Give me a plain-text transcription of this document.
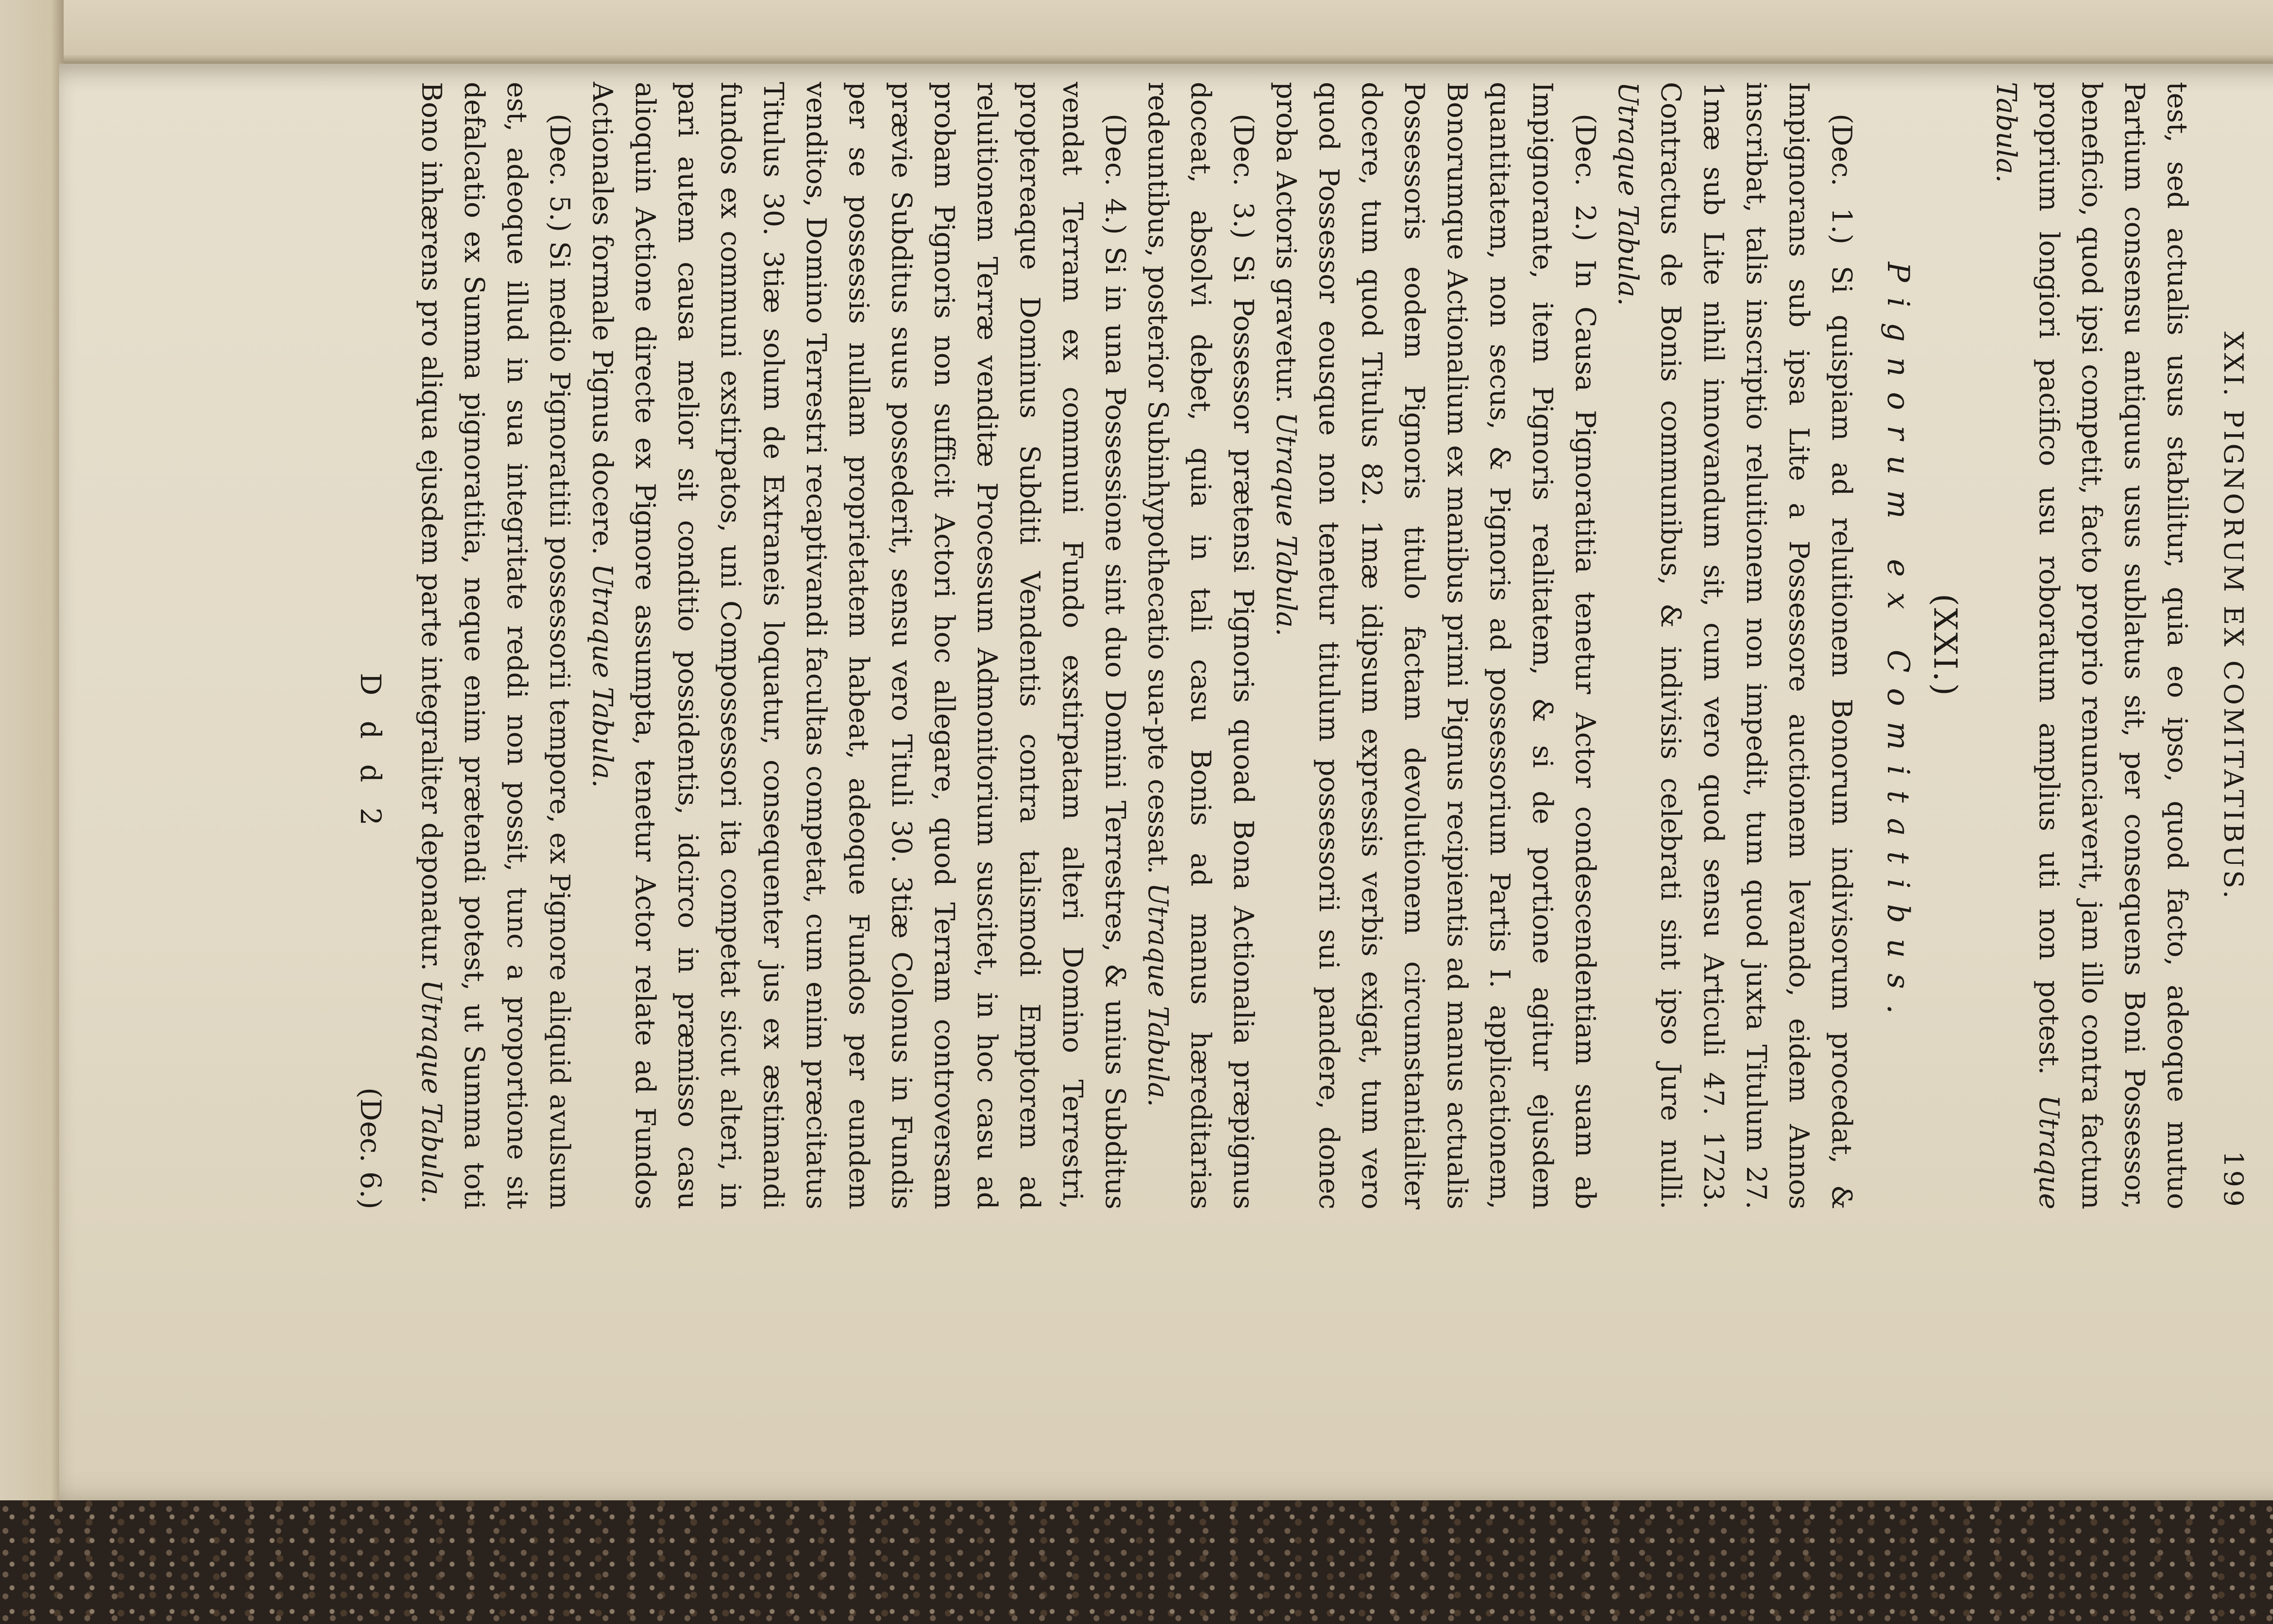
XXI. PIGNORUM EX COMITATIBUS.
199

test, sed actualis usus stabilitur, quia eo ipso, quod facto, adeoque mutuo Partium consensu antiquus usus sublatus sit, per consequens Boni Possessor, beneficio, quod ipsi competit, facto proprio renunciaverit, jam illo contra factum proprium longiori pacifico usu roboratum amplius uti non potest. Utraque Tabula.

(XXI.)
Pignorum ex Comitatibus.

(Dec. 1.) Si quispiam ad reluitionem Bonorum indivisorum procedat, & Impignorans sub ipsa Lite a Possessore auctionem levando, eidem Annos inscribat, talis inscriptio reluitionem non impedit, tum quod juxta Titulum 27. 1mæ sub Lite nihil innovandum sit, cum vero quod sensu Articuli 47. 1723. Contractus de Bonis communibus, & indivisis celebrati sint ipso Jure nulli. Utraque Tabula.

(Dec. 2.) In Causa Pignoratitia tenetur Actor condescendentiam suam ab Impignorante, item Pignoris realitatem, & si de portione agitur ejusdem quantitatem, non secus, & Pignoris ad possessorium Partis I. applicationem, Bonorumque Actionalium ex manibus primi Pignus recipientis ad manus actualis Possessoris eodem Pignoris titulo factam devolutionem circumstantialiter docere, tum quod Titulus 82. 1mæ idipsum expressis verbis exigat, tum vero quod Possessor eousque non tenetur titulum possessorii sui pandere, donec proba Actoris gravetur. Utraque Tabula.

(Dec. 3.) Si Possessor prætensi Pignoris quoad Bona Actionalia præpignus doceat, absolvi debet, quia in tali casu Bonis ad manus hæreditarias redeuntibus, posterior Subinhypothecatio sua-pte cessat. Utraque Tabula.

(Dec. 4.) Si in una Possessione sint duo Domini Terrestres, & unius Subditus vendat Terram ex communi Fundo exstirpatam alteri Domino Terrestri, proptereaque Dominus Subditi Vendentis contra talismodi Emptorem ad reluitionem Terræ venditæ Processum Admonitorium suscitet, in hoc casu ad probam Pignoris non sufficit Actori hoc allegare, quod Terram controversam prævie Subditus suus possederit, sensu vero Tituli 30. 3tiæ Colonus in Fundis per se possessis nullam proprietatem habeat, adeoque Fundos per eundem venditos, Domino Terrestri recaptivandi facultas competat, cum enim præcitatus Titulus 30. 3tiæ solum de Extraneis loquatur, consequenter jus ex æstimandi fundos ex communi exstirpatos, uni Compossessori ita competat sicut alteri, in pari autem causa melior sit conditio possidentis, idcirco in præmisso casu alioquin Actione directe ex Pignore assumpta, tenetur Actor relate ad Fundos Actionales formale Pignus docere. Utraque Tabula.

(Dec. 5.) Si medio Pignoratitii possessorii tempore, ex Pignore aliquid avulsum est, adeoque illud in sua integritate reddi non possit, tunc a proportione sit defalcatio ex Summa pignoratitia, neque enim prætendi potest, ut Summa toti Bono inhærens pro aliqua ejusdem parte integraliter deponatur. Utraque Tabula.

D d d 2
(Dec. 6.)
